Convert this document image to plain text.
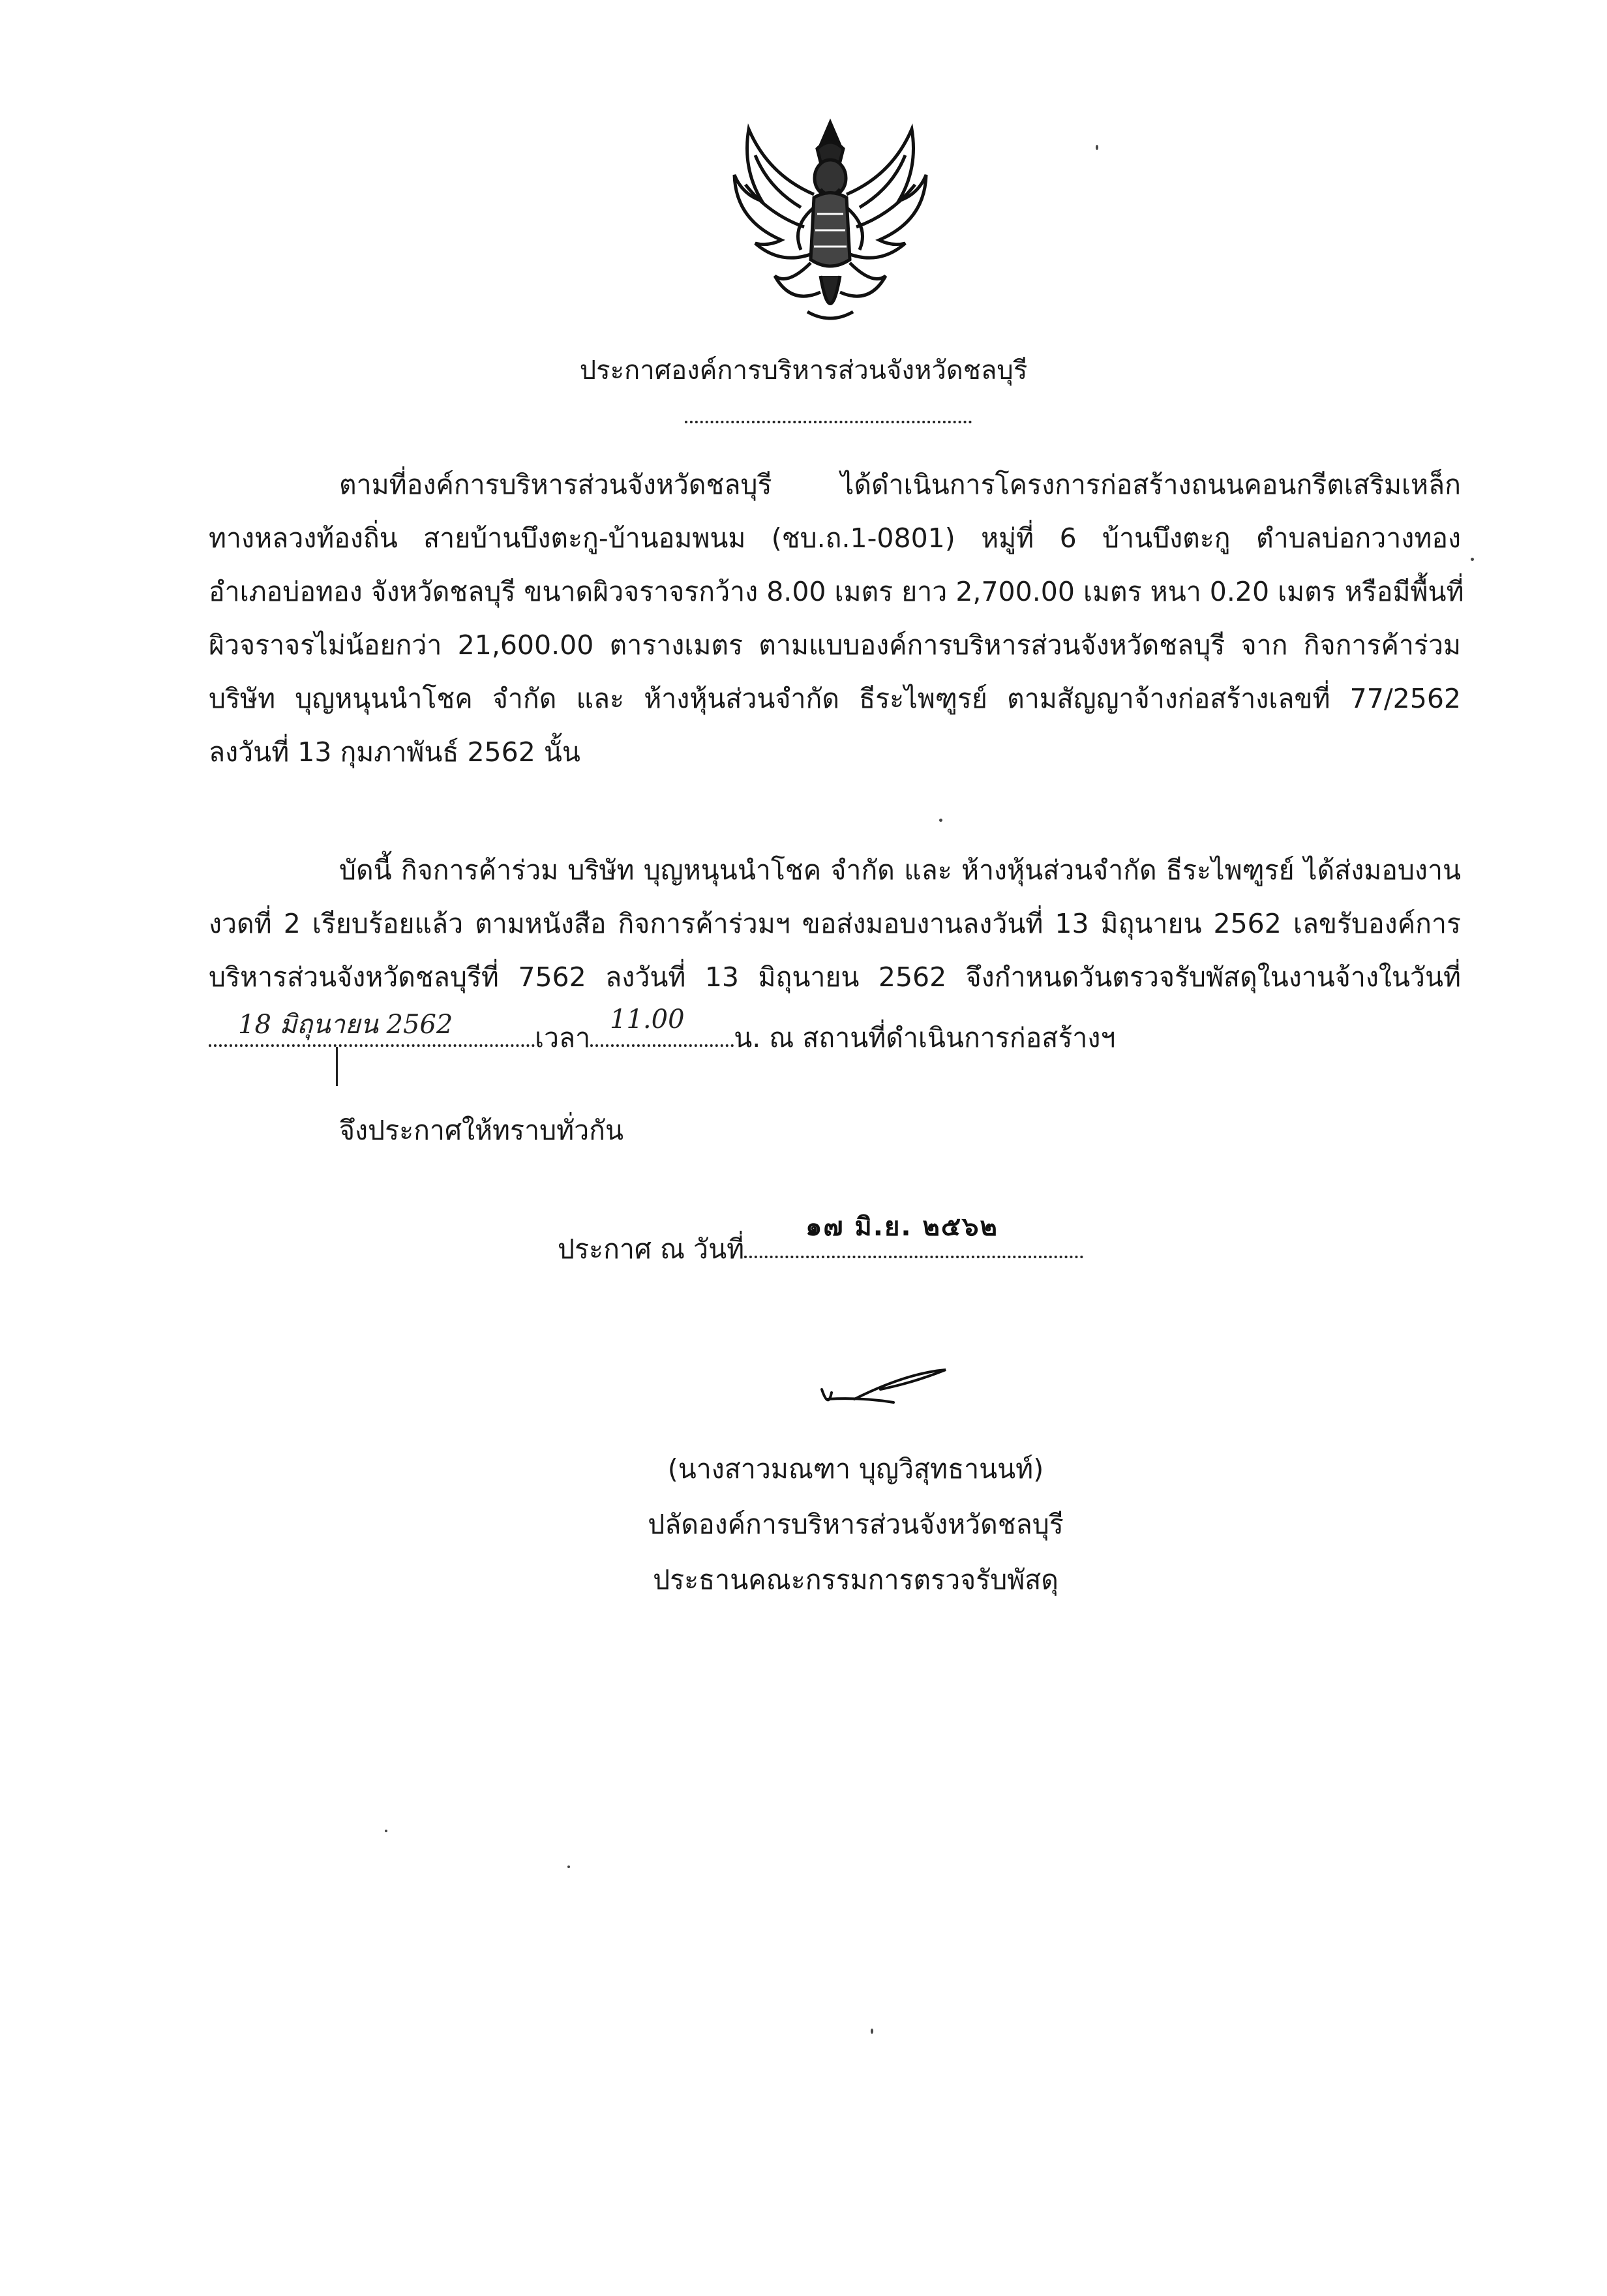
ประกาศองค์การบริหารส่วนจังหวัดชลบุรี
ตามที่องค์การบริหารส่วนจังหวัดชลบุรี ได้ดำเนินการโครงการก่อสร้างถนนคอนกรีตเสริมเหล็ก
ทางหลวงท้องถิ่น สายบ้านบึงตะกู-บ้านอมพนม (ชบ.ถ.1-0801) หมู่ที่ 6 บ้านบึงตะกู ตำบลบ่อกวางทอง
อำเภอบ่อทอง จังหวัดชลบุรี ขนาดผิวจราจรกว้าง 8.00 เมตร ยาว 2,700.00 เมตร หนา 0.20 เมตร หรือมีพื้นที่
ผิวจราจรไม่น้อยกว่า 21,600.00 ตารางเมตร ตามแบบองค์การบริหารส่วนจังหวัดชลบุรี จาก กิจการค้าร่วม
บริษัท บุญหนุนนำโชค จำกัด และ ห้างหุ้นส่วนจำกัด ธีระไพฑูรย์ ตามสัญญาจ้างก่อสร้างเลขที่ 77/2562
ลงวันที่ 13 กุมภาพันธ์ 2562 นั้น
บัดนี้ กิจการค้าร่วม บริษัท บุญหนุนนำโชค จำกัด และ ห้างหุ้นส่วนจำกัด ธีระไพฑูรย์ ได้ส่งมอบงาน
งวดที่ 2 เรียบร้อยแล้ว ตามหนังสือ กิจการค้าร่วมฯ ขอส่งมอบงานลงวันที่ 13 มิถุนายน 2562 เลขรับองค์การ
บริหารส่วนจังหวัดชลบุรีที่ 7562 ลงวันที่ 13 มิถุนายน 2562 จึงกำหนดวันตรวจรับพัสดุในงานจ้างในวันที่
เวลา	น. ณ สถานที่ดำเนินการก่อสร้างฯ
18 มิถุนายน 2562	11.00
จึงประกาศให้ทราบทั่วกัน
ประกาศ ณ วันที่
๑๗ มิ.ย. ๒๕๖๒
(นางสาวมณฑา บุญวิสุทธานนท์)
ปลัดองค์การบริหารส่วนจังหวัดชลบุรี
ประธานคณะกรรมการตรวจรับพัสดุ
